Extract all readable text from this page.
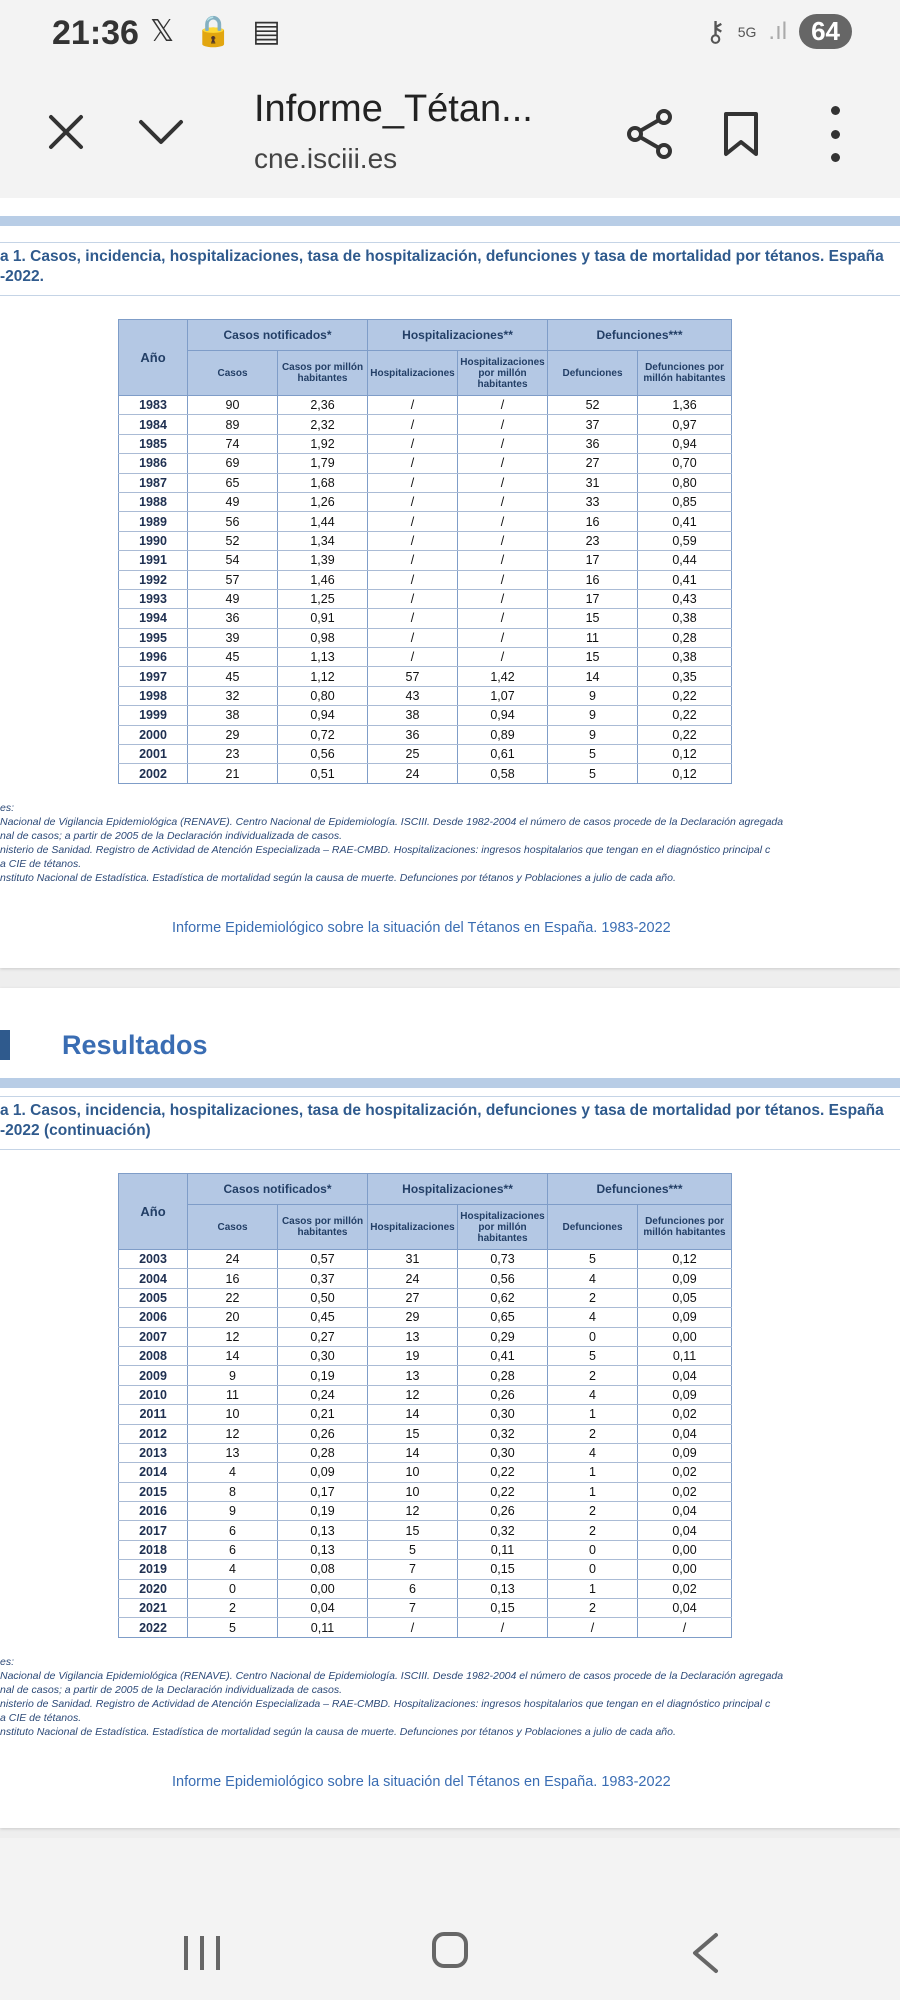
21:36 𝕏 🔒 ▤	⚷ 5G .ıl 64
Informe_Tétan...
cne.isciii.es
a 1. Casos, incidencia, hospitalizaciones, tasa de hospitalización, defunciones y tasa de mortalidad por tétanos. España
-2022.
Año	Casos notificados*		Hospitalizaciones**		Defunciones***	
	Casos	Casos por millón habitantes	Hospitalizaciones	Hospitalizaciones por millón habitantes	Defunciones	Defunciones por millón habitantes
1983	90	2,36	/	/	52	1,36
1984	89	2,32	/	/	37	0,97
1985	74	1,92	/	/	36	0,94
1986	69	1,79	/	/	27	0,70
1987	65	1,68	/	/	31	0,80
1988	49	1,26	/	/	33	0,85
1989	56	1,44	/	/	16	0,41
1990	52	1,34	/	/	23	0,59
1991	54	1,39	/	/	17	0,44
1992	57	1,46	/	/	16	0,41
1993	49	1,25	/	/	17	0,43
1994	36	0,91	/	/	15	0,38
1995	39	0,98	/	/	11	0,28
1996	45	1,13	/	/	15	0,38
1997	45	1,12	57	1,42	14	0,35
1998	32	0,80	43	1,07	9	0,22
1999	38	0,94	38	0,94	9	0,22
2000	29	0,72	36	0,89	9	0,22
2001	23	0,56	25	0,61	5	0,12
2002	21	0,51	24	0,58	5	0,12
es:
Nacional de Vigilancia Epidemiológica (RENAVE). Centro Nacional de Epidemiología. ISCIII. Desde 1982-2004 el número de casos procede de la Declaración agregada
nal de casos; a partir de 2005 de la Declaración individualizada de casos.
nisterio de Sanidad. Registro de Actividad de Atención Especializada – RAE-CMBD. Hospitalizaciones: ingresos hospitalarios que tengan en el diagnóstico principal c
a CIE de tétanos.
nstituto Nacional de Estadística. Estadística de mortalidad según la causa de muerte. Defunciones por tétanos y Poblaciones a julio de cada año.
Informe Epidemiológico sobre la situación del Tétanos en España. 1983-2022
Resultados
a 1. Casos, incidencia, hospitalizaciones, tasa de hospitalización, defunciones y tasa de mortalidad por tétanos. España
-2022 (continuación)
Año	Casos notificados*		Hospitalizaciones**		Defunciones***	
	Casos	Casos por millón habitantes	Hospitalizaciones	Hospitalizaciones por millón habitantes	Defunciones	Defunciones por millón habitantes
2003	24	0,57	31	0,73	5	0,12
2004	16	0,37	24	0,56	4	0,09
2005	22	0,50	27	0,62	2	0,05
2006	20	0,45	29	0,65	4	0,09
2007	12	0,27	13	0,29	0	0,00
2008	14	0,30	19	0,41	5	0,11
2009	9	0,19	13	0,28	2	0,04
2010	11	0,24	12	0,26	4	0,09
2011	10	0,21	14	0,30	1	0,02
2012	12	0,26	15	0,32	2	0,04
2013	13	0,28	14	0,30	4	0,09
2014	4	0,09	10	0,22	1	0,02
2015	8	0,17	10	0,22	1	0,02
2016	9	0,19	12	0,26	2	0,04
2017	6	0,13	15	0,32	2	0,04
2018	6	0,13	5	0,11	0	0,00
2019	4	0,08	7	0,15	0	0,00
2020	0	0,00	6	0,13	1	0,02
2021	2	0,04	7	0,15	2	0,04
2022	5	0,11	/	/	/	/
es:
Nacional de Vigilancia Epidemiológica (RENAVE). Centro Nacional de Epidemiología. ISCIII. Desde 1982-2004 el número de casos procede de la Declaración agregada
nal de casos; a partir de 2005 de la Declaración individualizada de casos.
nisterio de Sanidad. Registro de Actividad de Atención Especializada – RAE-CMBD. Hospitalizaciones: ingresos hospitalarios que tengan en el diagnóstico principal c
a CIE de tétanos.
nstituto Nacional de Estadística. Estadística de mortalidad según la causa de muerte. Defunciones por tétanos y Poblaciones a julio de cada año.
Informe Epidemiológico sobre la situación del Tétanos en España. 1983-2022
